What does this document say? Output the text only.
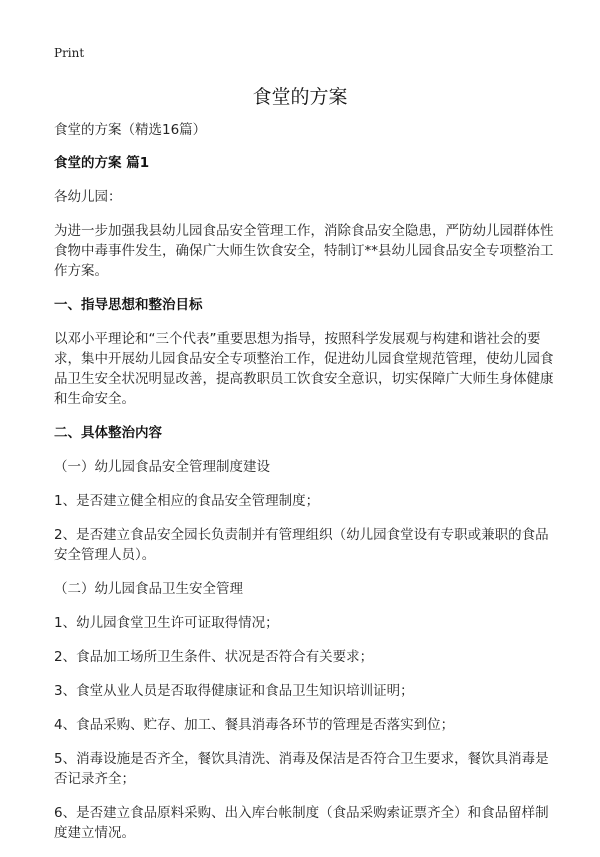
Print
食堂的方案

食堂的方案（精选16篇）

食堂的方案 篇1

各幼儿园：

为进一步加强我县幼儿园食品安全管理工作，消除食品安全隐患，严防幼儿园群体性食物中毒事件发生，确保广大师生饮食安全，特制订**县幼儿园食品安全专项整治工作方案。

一、指导思想和整治目标

以邓小平理论和“三个代表”重要思想为指导，按照科学发展观与构建和谐社会的要求，集中开展幼儿园食品安全专项整治工作，促进幼儿园食堂规范管理，使幼儿园食品卫生安全状况明显改善，提高教职员工饮食安全意识，切实保障广大师生身体健康和生命安全。

二、具体整治内容

（一）幼儿园食品安全管理制度建设

1、是否建立健全相应的食品安全管理制度；

2、是否建立食品安全园长负责制并有管理组织（幼儿园食堂设有专职或兼职的食品安全管理人员）。

（二）幼儿园食品卫生安全管理

1、幼儿园食堂卫生许可证取得情况；

2、食品加工场所卫生条件、状况是否符合有关要求；

3、食堂从业人员是否取得健康证和食品卫生知识培训证明；

4、食品采购、贮存、加工、餐具消毒各环节的管理是否落实到位；

5、消毒设施是否齐全，餐饮具清洗、消毒及保洁是否符合卫生要求，餐饮具消毒是否记录齐全；

6、是否建立食品原料采购、出入库台帐制度（食品采购索证票齐全）和食品留样制度建立情况。
